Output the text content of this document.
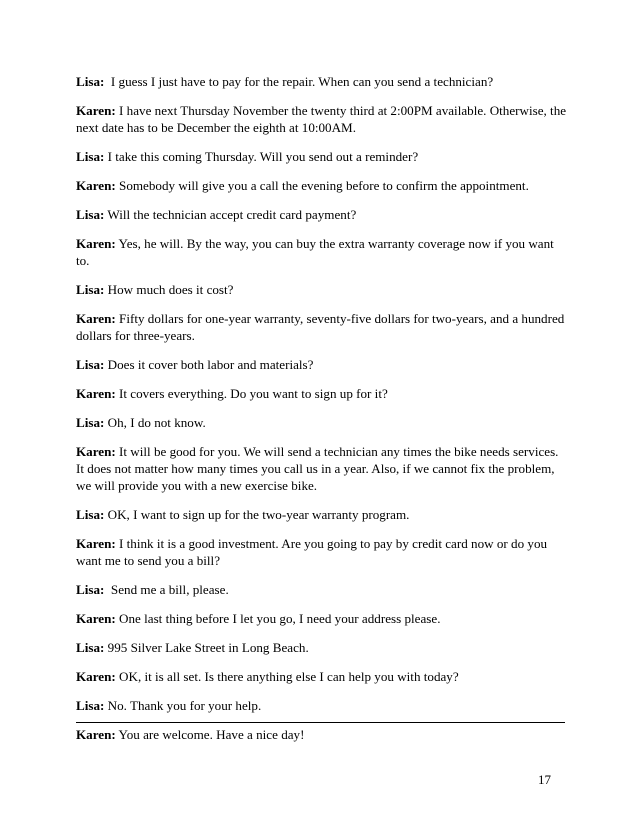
Lisa:  I guess I just have to pay for the repair. When can you send a technician?
Karen: I have next Thursday November the twenty third at 2:00PM available. Otherwise, the next date has to be December the eighth at 10:00AM.
Lisa: I take this coming Thursday. Will you send out a reminder?
Karen: Somebody will give you a call the evening before to confirm the appointment.
Lisa: Will the technician accept credit card payment?
Karen: Yes, he will. By the way, you can buy the extra warranty coverage now if you want to.
Lisa: How much does it cost?
Karen: Fifty dollars for one-year warranty, seventy-five dollars for two-years, and a hundred dollars for three-years.
Lisa: Does it cover both labor and materials?
Karen: It covers everything. Do you want to sign up for it?
Lisa: Oh, I do not know.
Karen: It will be good for you. We will send a technician any times the bike needs services. It does not matter how many times you call us in a year. Also, if we cannot fix the problem, we will provide you with a new exercise bike.
Lisa: OK, I want to sign up for the two-year warranty program.
Karen: I think it is a good investment. Are you going to pay by credit card now or do you want me to send you a bill?
Lisa:  Send me a bill, please.
Karen: One last thing before I let you go, I need your address please.
Lisa: 995 Silver Lake Street in Long Beach.
Karen: OK, it is all set. Is there anything else I can help you with today?
Lisa: No. Thank you for your help.
Karen: You are welcome. Have a nice day!
17
